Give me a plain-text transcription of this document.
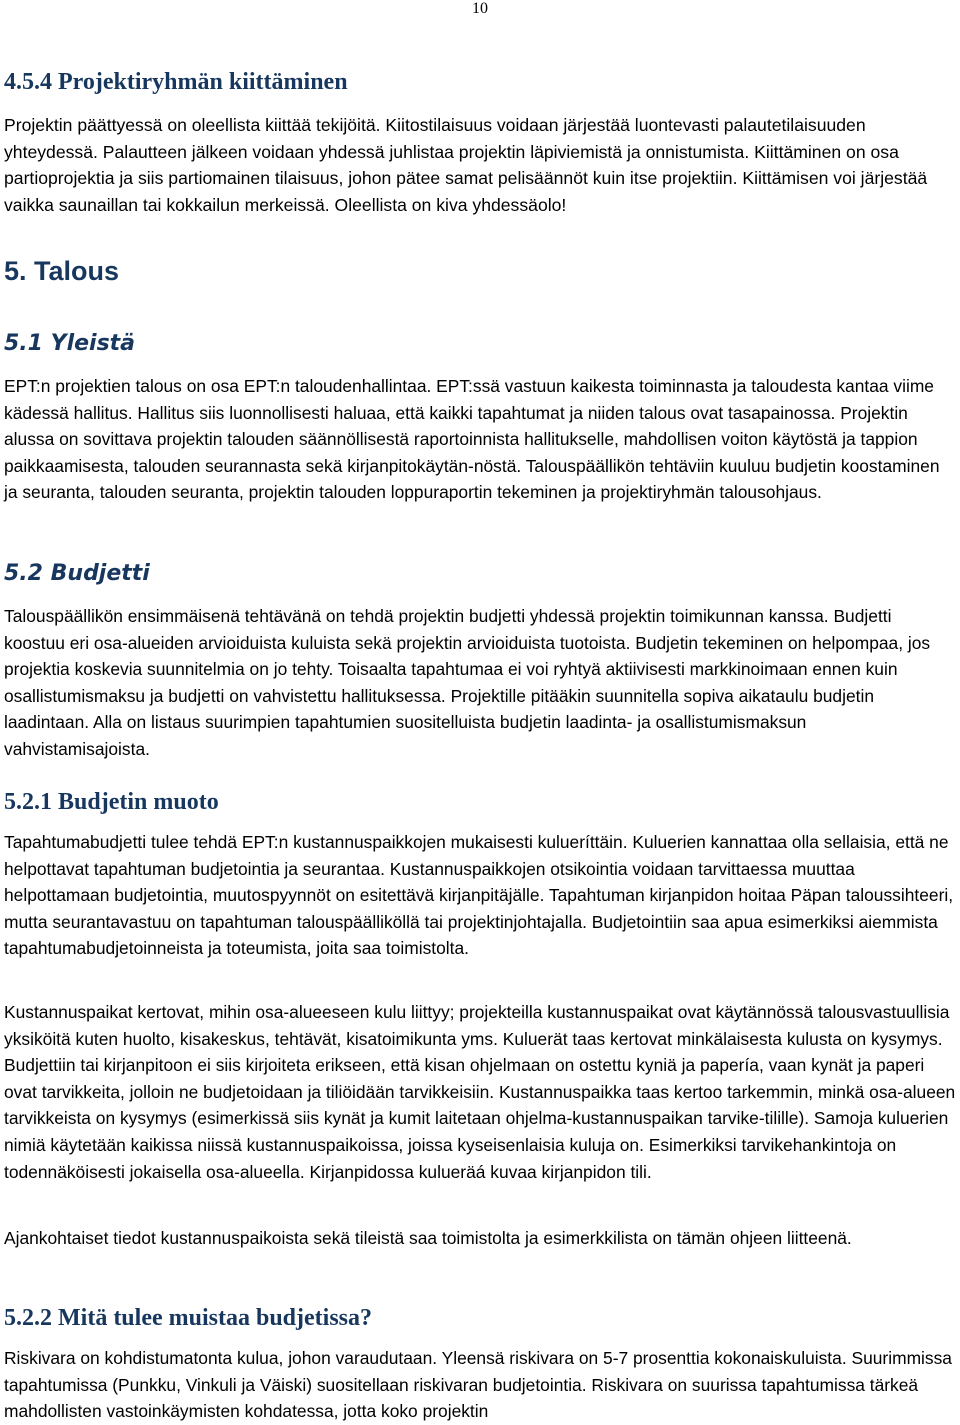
10
4.5.4 Projektiryhmän kiittäminen

Projektin päättyessä on oleellista kiittää tekijöitä. Kiitostilaisuus voidaan järjestää luontevasti palautetilaisuuden yhteydessä. Palautteen jälkeen voidaan yhdessä juhlistaa projektin läpiviemistä ja onnistumista. Kiittäminen on osa partioprojektia ja siis partiomainen tilaisuus, johon pätee samat pelisäännöt kuin itse projektiin. Kiittämisen voi järjestää vaikka saunaillan tai kokkailun merkeissä. Oleellista on kiva yhdessäolo!

5. Talous
5.1 Yleistä

EPT:n projektien talous on osa EPT:n taloudenhallintaa. EPT:ssä vastuun kaikesta toiminnasta ja taloudesta kantaa viime kädessä hallitus. Hallitus siis luonnollisesti haluaa, että kaikki tapahtumat ja niiden talous ovat tasapainossa. Projektin alussa on sovittava projektin talouden säännöllisestä raportoinnista hallitukselle, mahdollisen voiton käytöstä ja tappion paikkaamisesta, talouden seurannasta sekä kirjanpitokäytän-nöstä. Talouspäällikön tehtäviin kuuluu budjetin koostaminen ja seuranta, talouden seuranta, projektin talouden loppuraportin tekeminen ja projektiryhmän talousohjaus.

5.2 Budjetti

Talouspäällikön ensimmäisenä tehtävänä on tehdä projektin budjetti yhdessä projektin toimikunnan kanssa. Budjetti koostuu eri osa-alueiden arvioiduista kuluista sekä projektin arvioiduista tuotoista. Budjetin tekeminen on helpompaa, jos projektia koskevia suunnitelmia on jo tehty. Toisaalta tapahtumaa ei voi ryhtyä aktiivisesti markkinoimaan ennen kuin osallistumismaksu ja budjetti on vahvistettu hallituksessa. Projektille pitääkin suunnitella sopiva aikataulu budjetin laadintaan. Alla on listaus suurimpien tapahtumien suositelluista budjetin laadinta- ja osallistumismaksun vahvistamisajoista.

5.2.1 Budjetin muoto

Tapahtumabudjetti tulee tehdä EPT:n kustannuspaikkojen mukaisesti kulueríttäin. Kuluerien kannattaa olla sellaisia, että ne helpottavat tapahtuman budjetointia ja seurantaa. Kustannuspaikkojen otsikointia voidaan tarvittaessa muuttaa helpottamaan budjetointia, muutospyynnöt on esitettävä kirjanpitäjälle. Tapahtuman kirjanpidon hoitaa Päpan taloussihteeri, mutta seurantavastuu on tapahtuman talouspäälliköllä tai projektinjohtajalla. Budjetointiin saa apua esimerkiksi aiemmista tapahtumabudjetoinneista ja toteumista, joita saa toimistolta.

Kustannuspaikat kertovat, mihin osa-alueeseen kulu liittyy; projekteilla kustannuspaikat ovat käytännössä talousvastuullisia yksiköitä kuten huolto, kisakeskus, tehtävät, kisatoimikunta yms. Kuluerät taas kertovat minkälaisesta kulusta on kysymys. Budjettiin tai kirjanpitoon ei siis kirjoiteta erikseen, että kisan ohjelmaan on ostettu kyniä ja papería, vaan kynät ja paperi ovat tarvikkeita, jolloin ne budjetoidaan ja tiliöidään tarvikkeisiin. Kustannuspaikka taas kertoo tarkemmin, minkä osa-alueen tarvikkeista on kysymys (esimerkissä siis kynät ja kumit laitetaan ohjelma-kustannuspaikan tarvike-tilille). Samoja kuluerien nimiä käytetään kaikissa niissä kustannuspaikoissa, joissa kyseisenlaisia kuluja on. Esimerkiksi tarvikehankintoja on todennäköisesti jokaisella osa-alueella. Kirjanpidossa kulueräá kuvaa kirjanpidon tili.

Ajankohtaiset tiedot kustannuspaikoista sekä tileistä saa toimistolta ja esimerkkilista on tämän ohjeen liitteenä.

5.2.2 Mitä tulee muistaa budjetissa?

Riskivara on kohdistumatonta kulua, johon varaudutaan. Yleensä riskivara on 5-7 prosenttia kokonaiskuluista. Suurimmissa tapahtumissa (Punkku, Vinkuli ja Väiski) suositellaan riskivaran budjetointia. Riskivara on suurissa tapahtumissa tärkeä mahdollisten vastoinkäymisten kohdatessa, jotta koko projektin
